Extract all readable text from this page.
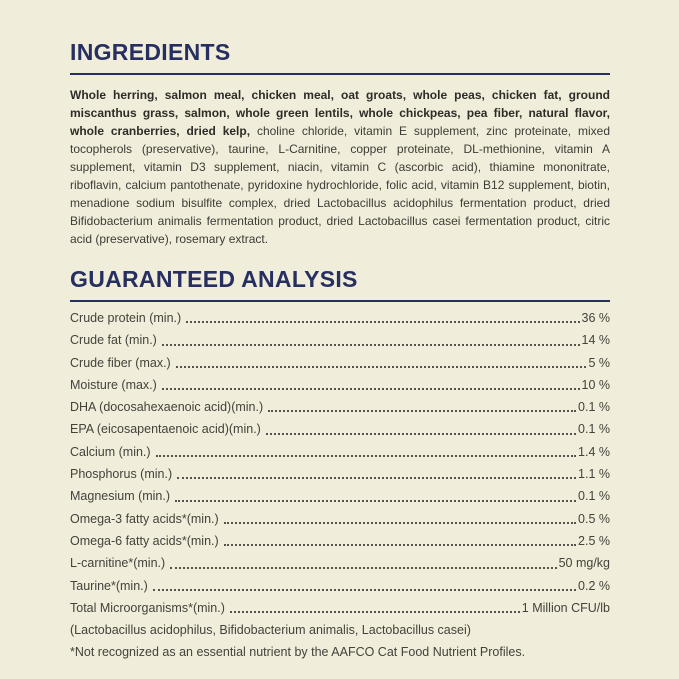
INGREDIENTS

Whole herring, salmon meal, chicken meal, oat groats, whole peas, chicken fat, ground miscanthus grass, salmon, whole green lentils, whole chickpeas, pea fiber, natural flavor, whole cranberries, dried kelp, choline chloride, vitamin E supplement, zinc proteinate, mixed tocopherols (preservative), taurine, L-Carnitine, copper proteinate, DL-methionine, vitamin A supplement, vitamin D3 supplement, niacin, vitamin C (ascorbic acid), thiamine mononitrate, riboflavin, calcium pantothenate, pyridoxine hydrochloride, folic acid, vitamin B12 supplement, biotin, menadione sodium bisulfite complex, dried Lactobacillus acidophilus fermentation product, dried Bifidobacterium animalis fermentation product, dried Lactobacillus casei fermentation product, citric acid (preservative), rosemary extract.

GUARANTEED ANALYSIS
Crude protein (min.)	36 %
Crude fat (min.)	14 %
Crude fiber (max.)	5 %
Moisture (max.)	10 %
DHA (docosahexaenoic acid)(min.)	0.1 %
EPA (eicosapentaenoic acid)(min.)	0.1 %
Calcium (min.)	1.4 %
Phosphorus (min.)	1.1 %
Magnesium (min.)	0.1 %
Omega-3 fatty acids*(min.)	0.5 %
Omega-6 fatty acids*(min.)	2.5 %
L-carnitine*(min.)	50 mg/kg
Taurine*(min.)	0.2 %
Total Microorganisms*(min.)	1 Million CFU/lb

(Lactobacillus acidophilus, Bifidobacterium animalis, Lactobacillus casei)

*Not recognized as an essential nutrient by the AAFCO Cat Food Nutrient Profiles.
